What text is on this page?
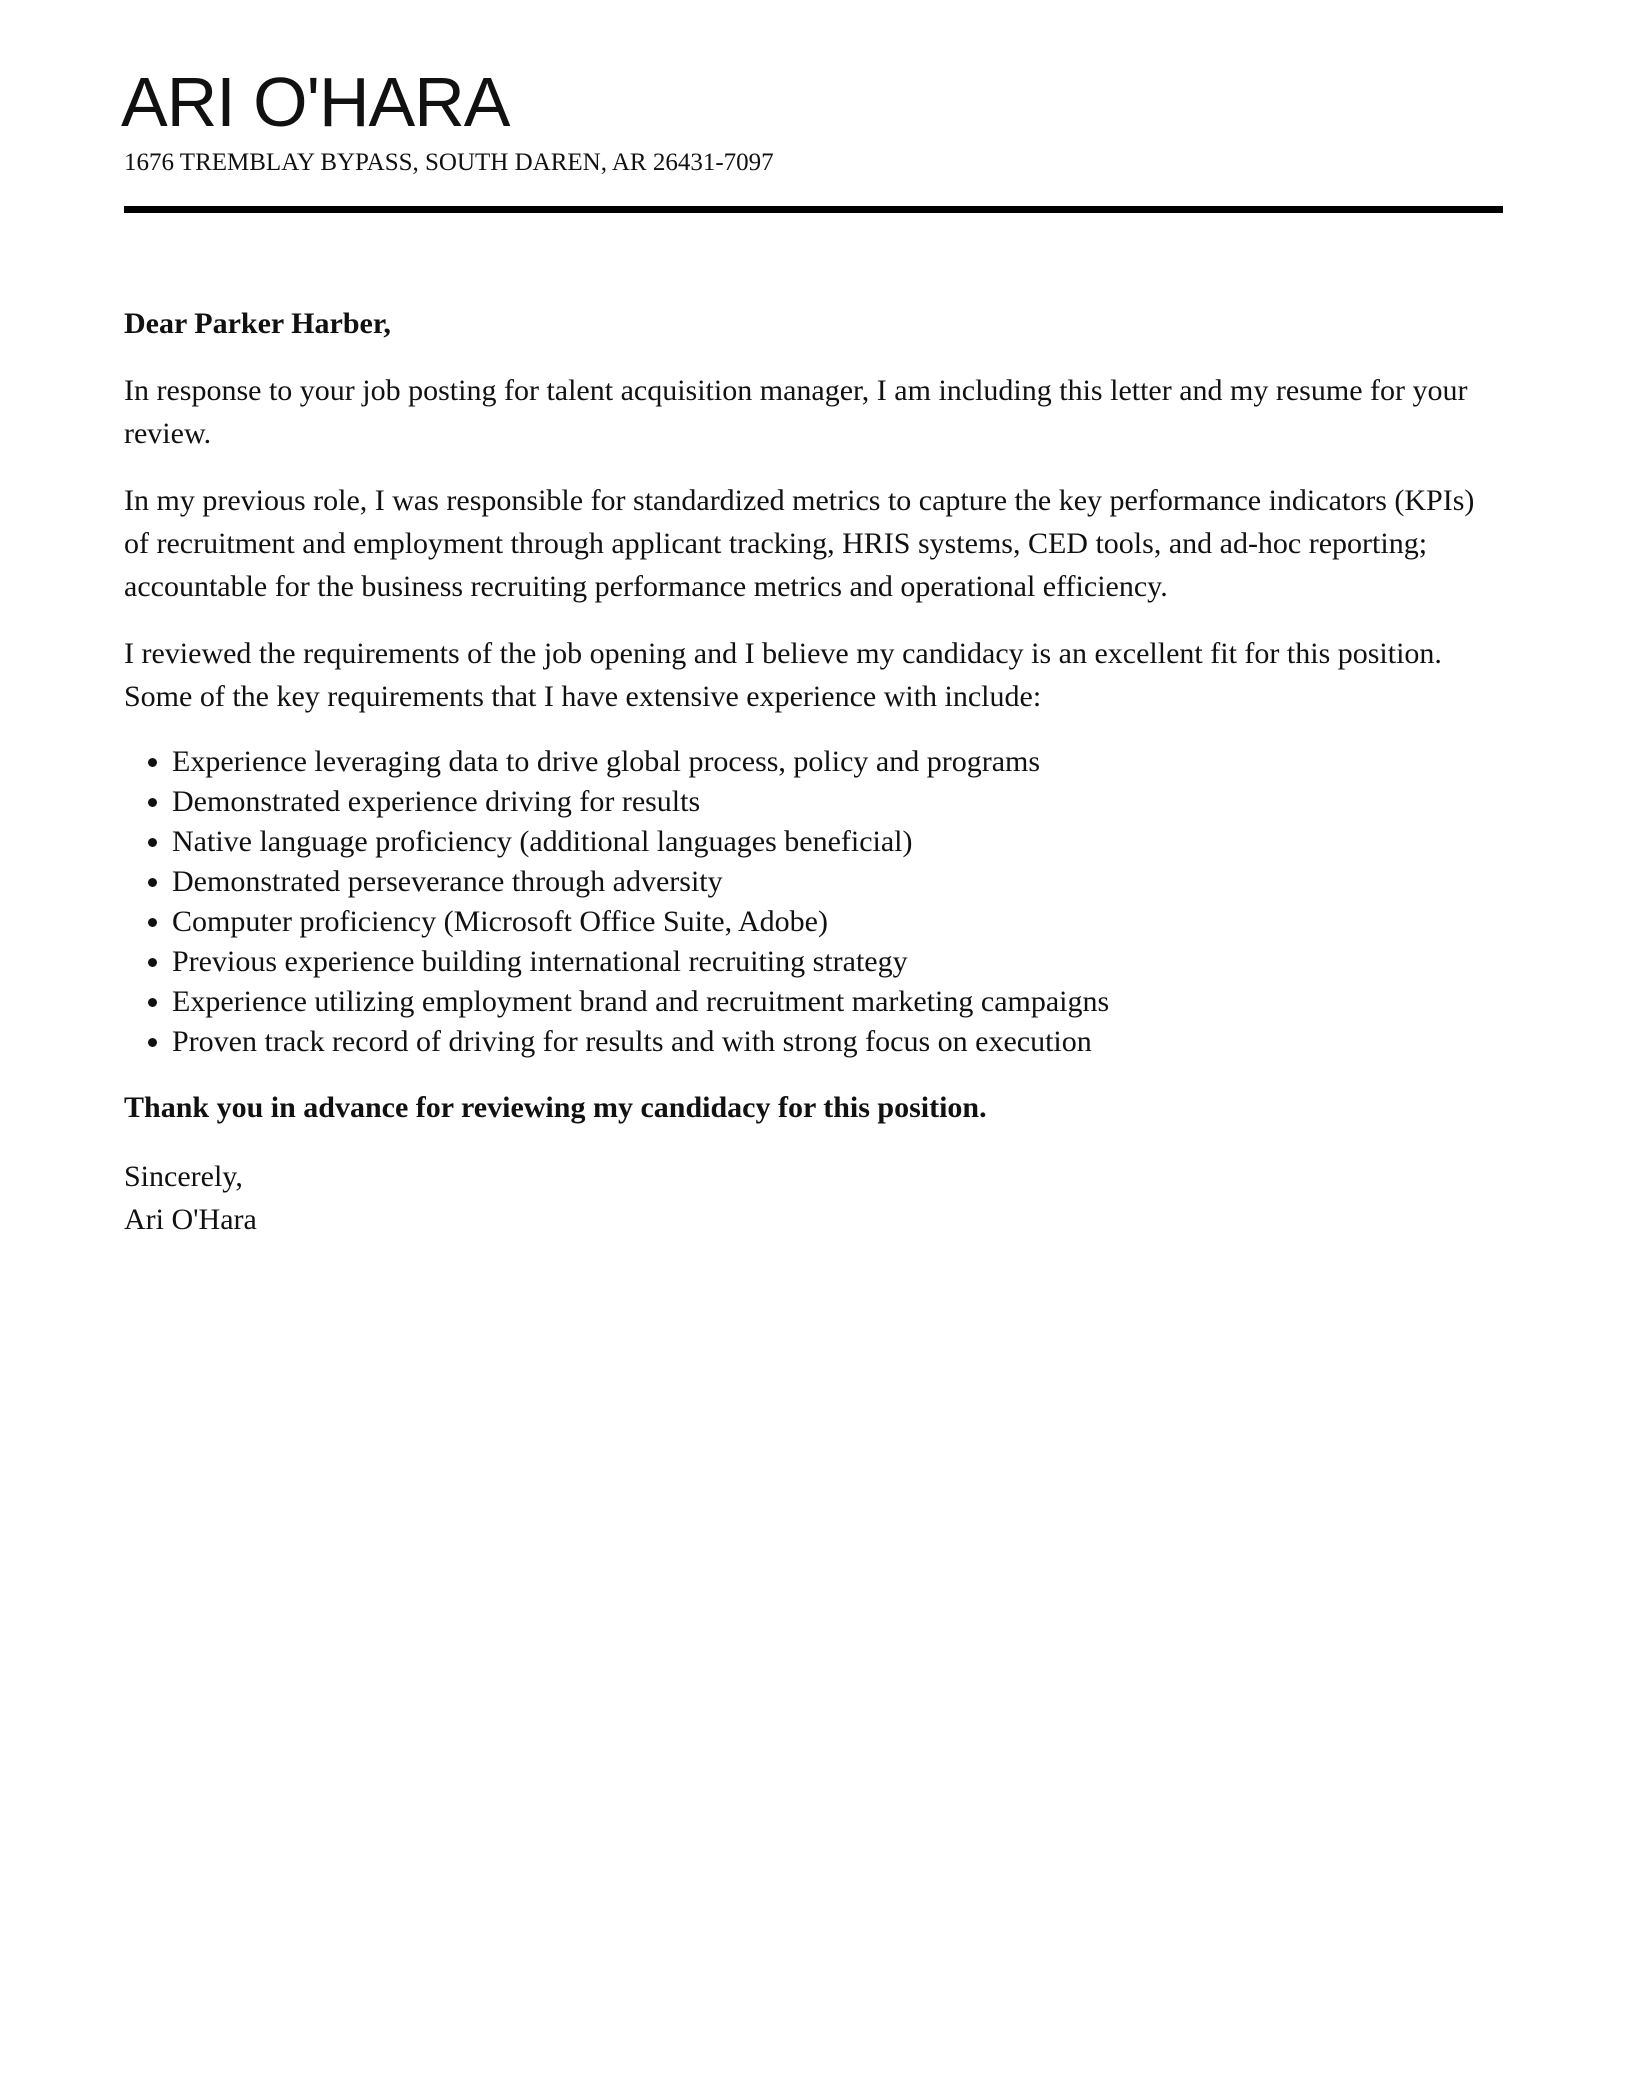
ARI O'HARA
1676 TREMBLAY BYPASS, SOUTH DAREN, AR 26431-7097
Dear Parker Harber,

In response to your job posting for talent acquisition manager, I am including this letter and my resume for your review.

In my previous role, I was responsible for standardized metrics to capture the key performance indicators (KPIs) of recruitment and employment through applicant tracking, HRIS systems, CED tools, and ad-hoc reporting; accountable for the business recruiting performance metrics and operational efficiency.

I reviewed the requirements of the job opening and I believe my candidacy is an excellent fit for this position. Some of the key requirements that I have extensive experience with include:

• Experience leveraging data to drive global process, policy and programs
• Demonstrated experience driving for results
• Native language proficiency (additional languages beneficial)
• Demonstrated perseverance through adversity
• Computer proficiency (Microsoft Office Suite, Adobe)
• Previous experience building international recruiting strategy
• Experience utilizing employment brand and recruitment marketing campaigns
• Proven track record of driving for results and with strong focus on execution
Thank you in advance for reviewing my candidacy for this position.
Sincerely,
Ari O'Hara
